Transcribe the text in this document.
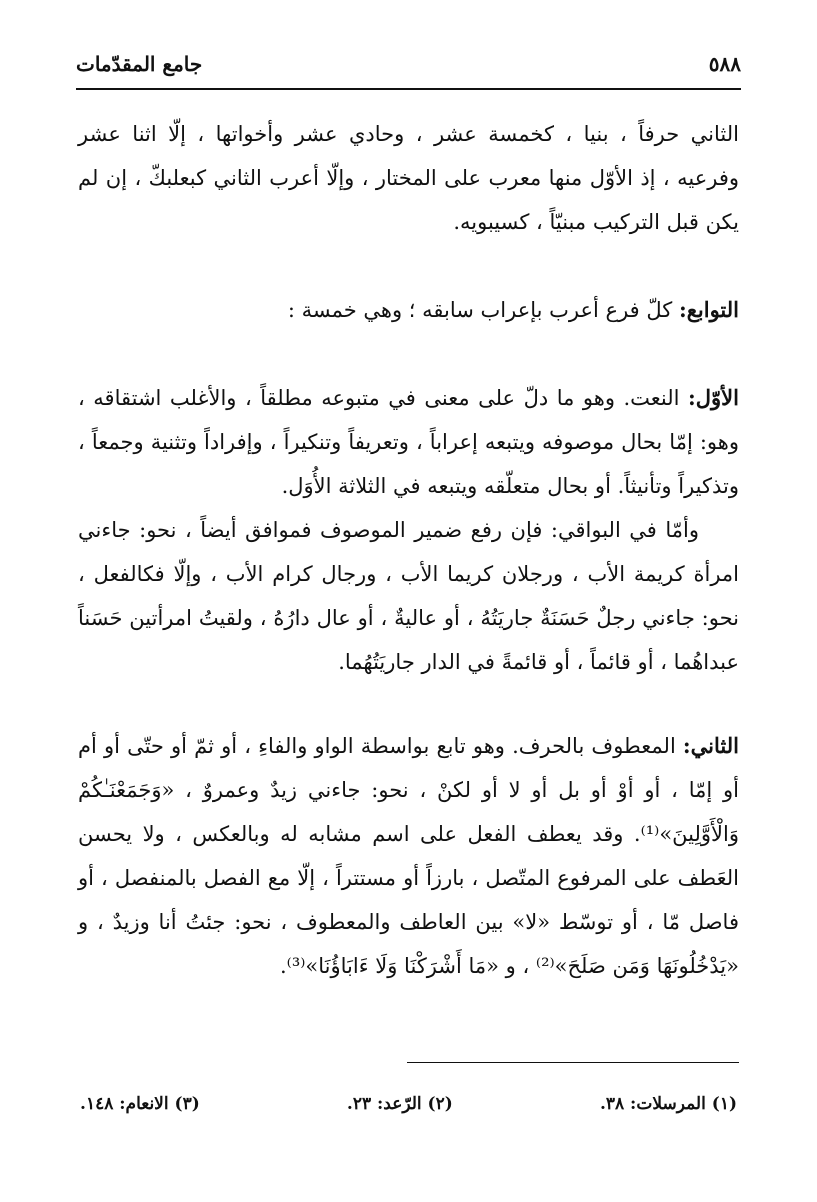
٥٨٨
جامع المقدّمات

الثاني حرفاً ، بنيا ، كخمسة عشر ، وحادي عشر وأخواتها ، إلّا اثنا عشر وفرعيه ، إذ الأوّل منها معرب على المختار ، وإلّا أعرب الثاني كبعلبكّ ، إن لم يكن قبل التركيب مبنيّاً ، كسيبويه.

التوابع: كلّ فرع أعرب بإعراب سابقه ؛ وهي خمسة :

الأوّل: النعت. وهو ما دلّ على معنى في متبوعه مطلقاً ، والأغلب اشتقاقه ، وهو: إمّا بحال موصوفه ويتبعه إعراباً ، وتعريفاً وتنكيراً ، وإفراداً وتثنية وجمعاً ، وتذكيراً وتأنيثاً. أو بحال متعلّقه ويتبعه في الثلاثة الأُوَل.

وأمّا في البواقي: فإن رفع ضمير الموصوف فموافق أيضاً ، نحو: جاءني امرأة كريمة الأب ، ورجلان كريما الأب ، ورجال كرام الأب ، وإلّا فكالفعل ، نحو: جاءني رجلٌ حَسَنَةٌ جاريَتُهُ ، أو عاليةٌ ، أو عال دارُهُ ، ولقيتُ امرأتين حَسَناً عبداهُما ، أو قائماً ، أو قائمةً في الدار جاريَتُهُما.

الثاني: المعطوف بالحرف. وهو تابع بواسطة الواو والفاءِ ، أو ثمّ أو حتّى أو أم أو إمّا ، أو أوْ أو بل أو لا أو لكنْ ، نحو: جاءني زيدٌ وعمروٌ ، «وَجَمَعْنَـٰكُمْ وَالْأَوَّلِينَ»⁽¹⁾. وقد يعطف الفعل على اسم مشابه له وبالعكس ، ولا يحسن العَطف على المرفوع المتّصل ، بارزاً أو مستتراً ، إلّا مع الفصل بالمنفصل ، أو فاصل مّا ، أو توسّط «لا» بين العاطف والمعطوف ، نحو: جئتُ أنا وزيدٌ ، و «يَدْخُلُونَهَا وَمَن صَلَحَ»⁽²⁾ ، و «مَا أَشْرَكْنَا وَلَا ءَابَاؤُنَا»⁽³⁾.

(١) المرسلات: ٣٨.
(٢) الرّعد: ٢٣.
(٣) الانعام: ١٤٨.
